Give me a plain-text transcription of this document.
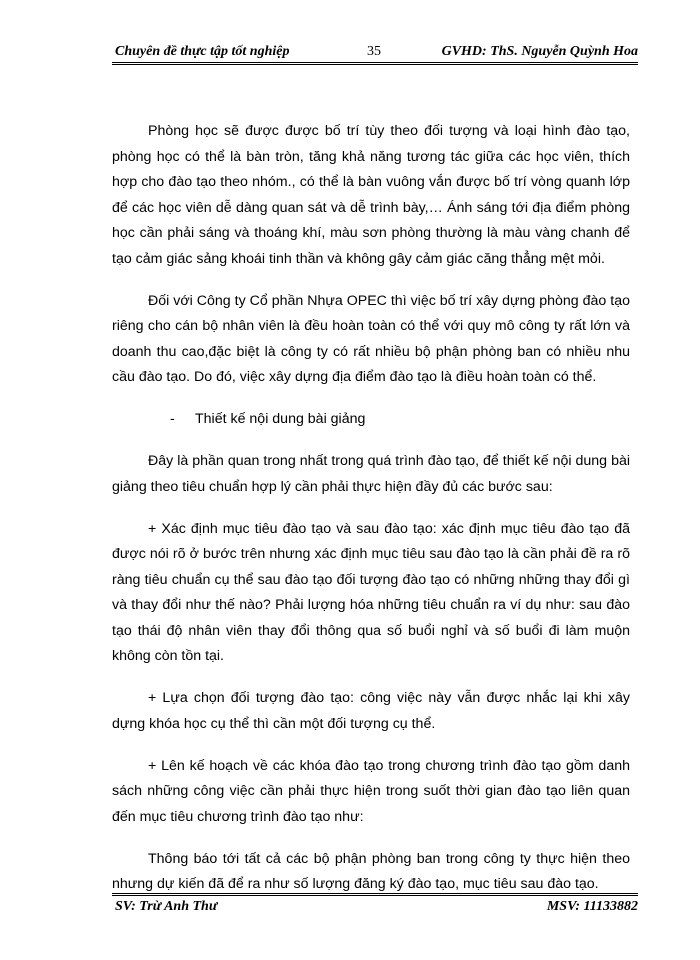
Chuyên đề thực tập tốt nghiệp	35	GVHD: ThS. Nguyễn Quỳnh Hoa

Phòng học sẽ được được bố trí tùy theo đối tượng và loại hình đào tạo, phòng học có thể là bàn tròn, tăng khả năng tương tác giữa các học viên, thích hợp cho đào tạo theo nhóm., có thể là bàn vuông vắn được bố trí vòng quanh lớp để các học viên dễ dàng quan sát và dễ trình bày,… Ánh sáng tới địa điểm phòng học cần phải sáng và thoáng khí, màu sơn phòng thường là màu vàng chanh để tạo cảm giác sảng khoái tinh thần và không gây cảm giác căng thẳng mệt mỏi.

Đối với Công ty Cổ phần Nhựa OPEC thì việc bố trí xây dựng phòng đào tạo riêng cho cán bộ nhân viên là đều hoàn toàn có thể với quy mô công ty rất lớn và doanh thu cao,đặc biệt là công ty có rất nhiều bộ phận phòng ban có nhiều nhu cầu đào tạo. Do đó, việc xây dựng địa điểm đào tạo là điều hoàn toàn có thể.

- Thiết kế nội dung bài giảng

Đây là phần quan trong nhất trong quá trình đào tạo, để thiết kế nội dung bài giảng theo tiêu chuẩn hợp lý cần phải thực hiện đầy đủ các bước sau:

+ Xác định mục tiêu đào tạo và sau đào tạo: xác định mục tiêu đào tạo đã được nói rõ ở bước trên nhưng xác định mục tiêu sau đào tạo là cần phải đề ra rõ ràng tiêu chuẩn cụ thể sau đào tạo đối tượng đào tạo có những những thay đổi gì và thay đổi như thế nào? Phải lượng hóa những tiêu chuẩn ra ví dụ như: sau đào tạo thái độ nhân viên thay đổi thông qua số buổi nghỉ và số buổi đi làm muộn không còn tồn tại.

+ Lựa chọn đối tượng đào tạo: công việc này vẫn được nhắc lại khi xây dựng khóa học cụ thể thì cần một đối tượng cụ thể.

+ Lên kế hoạch về các khóa đào tạo trong chương trình đào tạo gồm danh sách những công việc cần phải thực hiện trong suốt thời gian đào tạo liên quan đến mục tiêu chương trình đào tạo như:

Thông báo tới tất cả các bộ phận phòng ban trong công ty thực hiện theo nhưng dự kiến đã để ra như số lượng đăng ký đào tạo, mục tiêu sau đào tạo.

SV: Trừ Anh Thư	MSV: 11133882
